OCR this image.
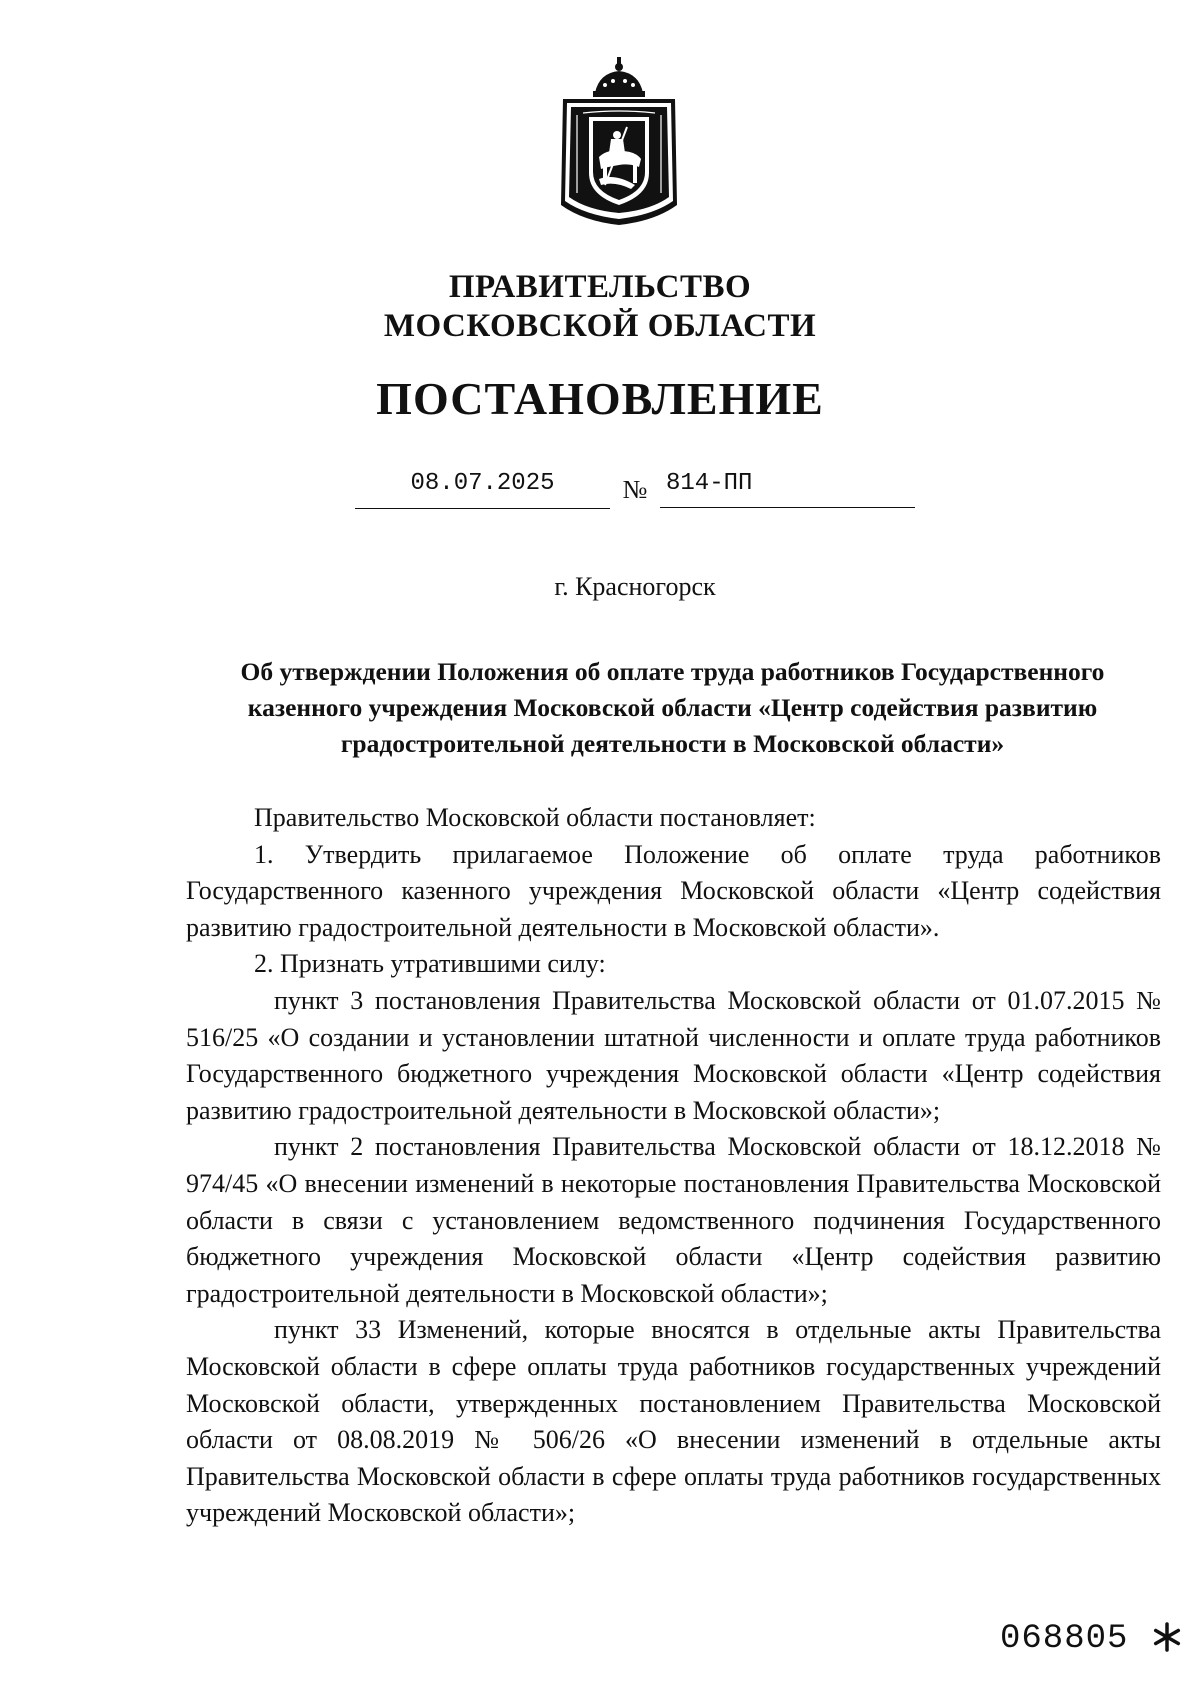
ПРАВИТЕЛЬСТВО
МОСКОВСКОЙ ОБЛАСТИ
ПОСТАНОВЛЕНИЕ
08.07.2025	№ 814-ПП
г. Красногорск
Об утверждении Положения об оплате труда работников Государственного казенного учреждения Московской области «Центр содействия развитию градостроительной деятельности в Московской области»

Правительство Московской области постановляет:

1. Утвердить прилагаемое Положение об оплате труда работников Государственного казенного учреждения Московской области «Центр содействия развитию градостроительной деятельности в Московской области».

2. Признать утратившими силу:

пункт 3 постановления Правительства Московской области от 01.07.2015 № 516/25 «О создании и установлении штатной численности и оплате труда работников Государственного бюджетного учреждения Московской области «Центр содействия развитию градостроительной деятельности в Московской области»;

пункт 2 постановления Правительства Московской области от 18.12.2018 № 974/45 «О внесении изменений в некоторые постановления Правительства Московской области в связи с установлением ведомственного подчинения Государственного бюджетного учреждения Московской области «Центр содействия развитию градостроительной деятельности в Московской области»;

пункт 33 Изменений, которые вносятся в отдельные акты Правительства Московской области в сфере оплаты труда работников государственных учреждений Московской области, утвержденных постановлением Правительства Московской области от 08.08.2019 № 506/26 «О внесении изменений в отдельные акты Правительства Московской области в сфере оплаты труда работников государственных учреждений Московской области»;

068805
